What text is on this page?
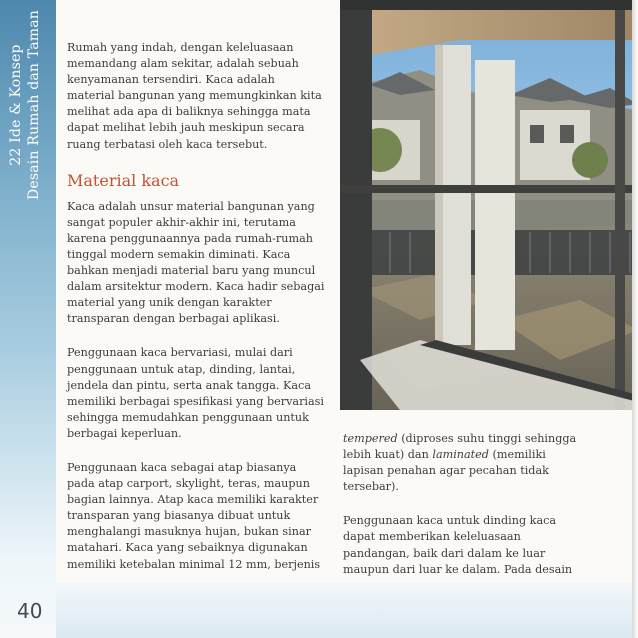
22 Ide & Konsep Desain Rumah dan Taman
40

Rumah yang indah, dengan keleluasaan memandang alam sekitar, adalah sebuah kenyamanan tersendiri. Kaca adalah material bangunan yang memungkinkan kita melihat ada apa di baliknya sehingga mata dapat melihat lebih jauh meskipun secara ruang terbatasi oleh kaca tersebut.

Material kaca

Kaca adalah unsur material bangunan yang sangat populer akhir-akhir ini, terutama karena penggunaannya pada rumah-rumah tinggal modern semakin diminati. Kaca bahkan menjadi material baru yang muncul dalam arsitektur modern. Kaca hadir sebagai material yang unik dengan karakter transparan dengan berbagai aplikasi.

Penggunaan kaca bervariasi, mulai dari penggunaan untuk atap, dinding, lantai, jendela dan pintu, serta anak tangga. Kaca memiliki berbagai spesifikasi yang bervariasi sehingga memudahkan penggunaan untuk berbagai keperluan.

Penggunaan kaca sebagai atap biasanya pada atap carport, skylight, teras, maupun bagian lainnya. Atap kaca memiliki karakter transparan yang biasanya dibuat untuk menghalangi masuknya hujan, bukan sinar matahari. Kaca yang sebaiknya digunakan memiliki ketebalan minimal 12 mm, berjenis

tempered (diproses suhu tinggi sehingga lebih kuat) dan laminated (memiliki lapisan penahan agar pecahan tidak tersebar).

Penggunaan kaca untuk dinding kaca dapat memberikan keleluasaan pandangan, baik dari dalam ke luar maupun dari luar ke dalam. Pada desain
